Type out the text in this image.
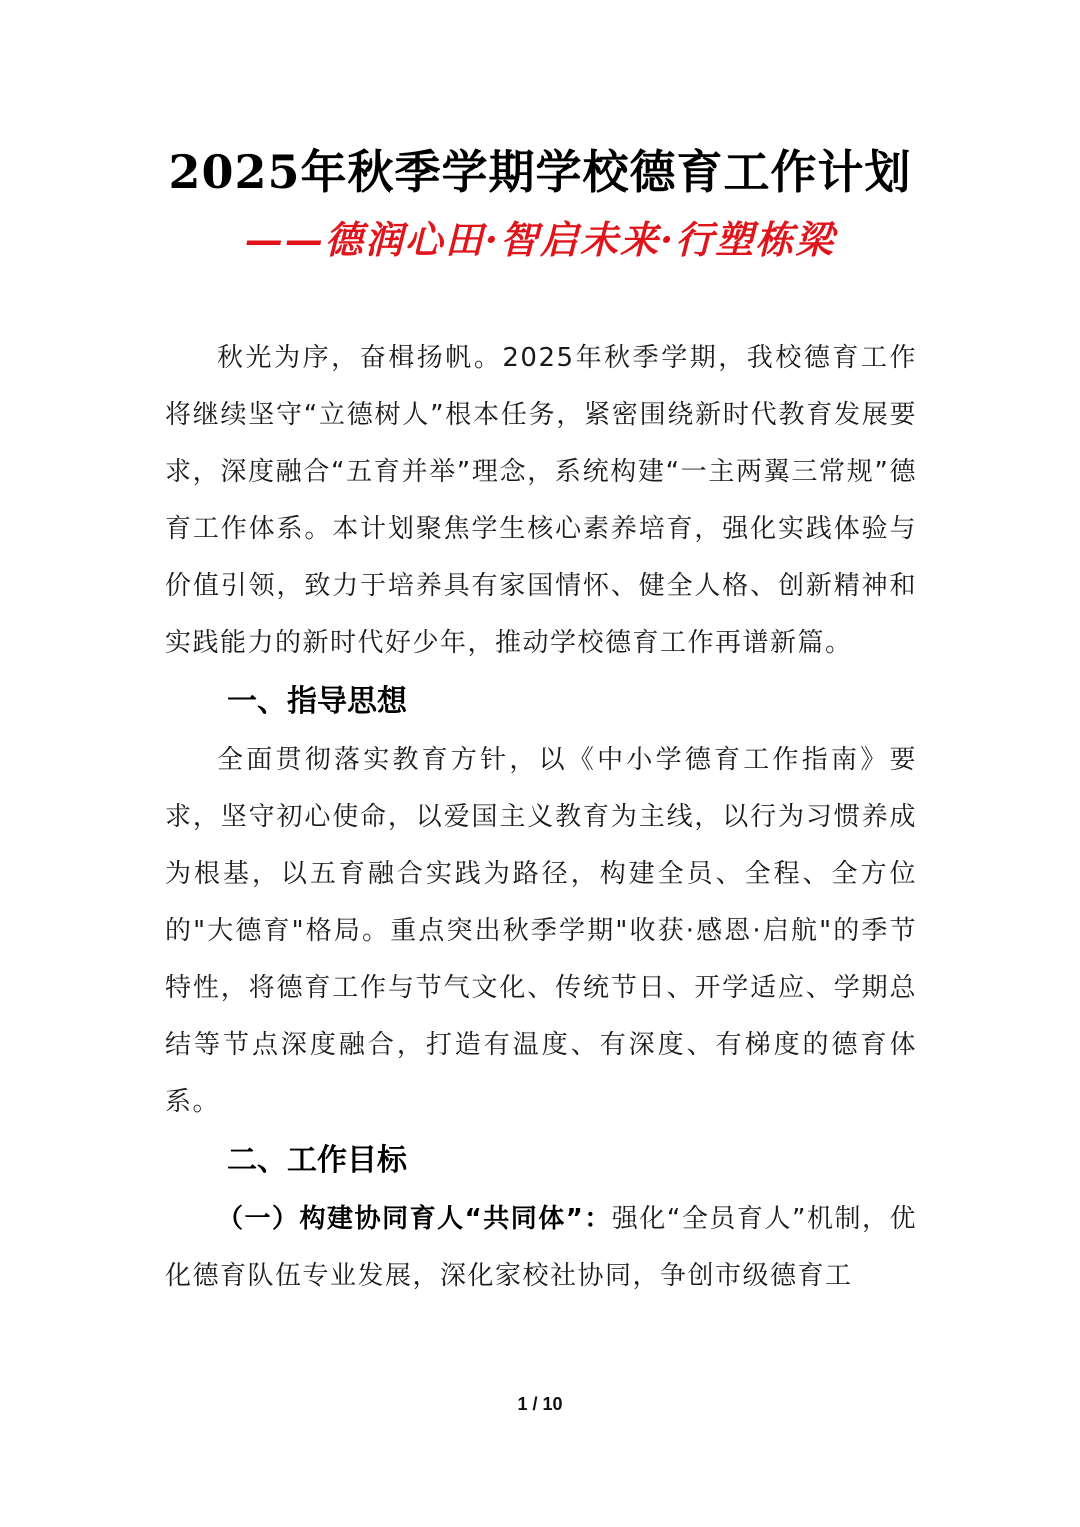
2025年秋季学期学校德育工作计划
——德润心田·智启未来·行塑栋梁

秋光为序，奋楫扬帆。2025年秋季学期，我校德育工作将继续坚守“立德树人”根本任务，紧密围绕新时代教育发展要求，深度融合“五育并举”理念，系统构建“一主两翼三常规”德育工作体系。本计划聚焦学生核心素养培育，强化实践体验与价值引领，致力于培养具有家国情怀、健全人格、创新精神和实践能力的新时代好少年，推动学校德育工作再谱新篇。

一、指导思想

全面贯彻落实教育方针，以《中小学德育工作指南》要求，坚守初心使命，以爱国主义教育为主线，以行为习惯养成为根基，以五育融合实践为路径，构建全员、全程、全方位的"大德育"格局。重点突出秋季学期"收获·感恩·启航"的季节特性，将德育工作与节气文化、传统节日、开学适应、学期总结等节点深度融合，打造有温度、有深度、有梯度的德育体系。

二、工作目标

（一）构建协同育人“共同体”：强化“全员育人”机制，优化德育队伍专业发展，深化家校社协同，争创市级德育工

1 / 10
